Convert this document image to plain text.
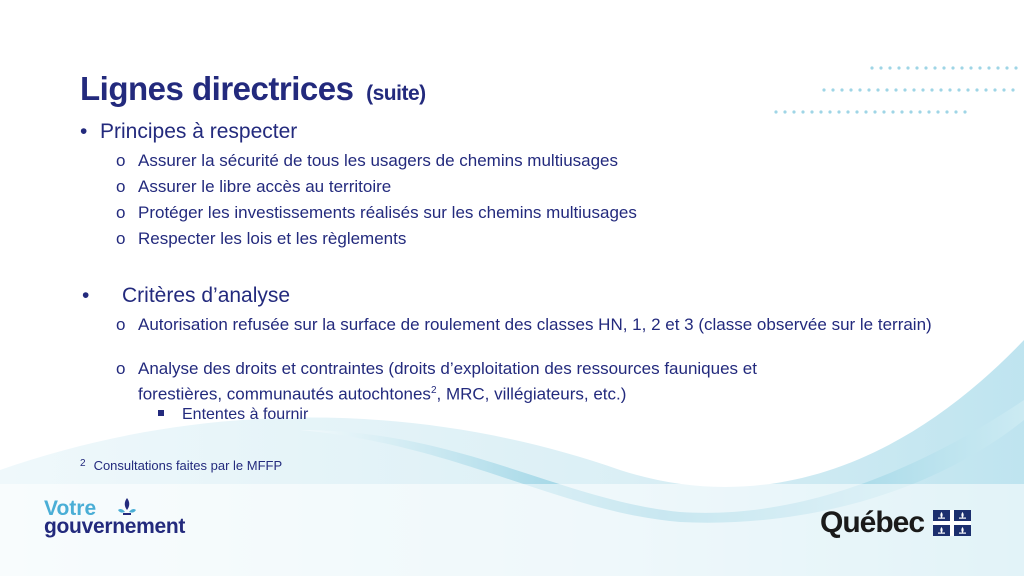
Lignes directrices (suite)
• Principes à respecter
o Assurer la sécurité de tous les usagers de chemins multiusages
o Assurer le libre accès au territoire
o Protéger les investissements réalisés sur les chemins multiusages
o Respecter les lois et les règlements
• Critères d’analyse
o Autorisation refusée sur la surface de roulement des classes HN, 1, 2 et 3 (classe observée sur le terrain)
o Analyse des droits et contraintes (droits d’exploitation des ressources fauniques et forestières, communautés autochtones$^2$, MRC, villégiateurs, etc.)
Ententes à fournir
$^2$ Consultations faites par le MFFP
Votre
gouvernement	Québec
